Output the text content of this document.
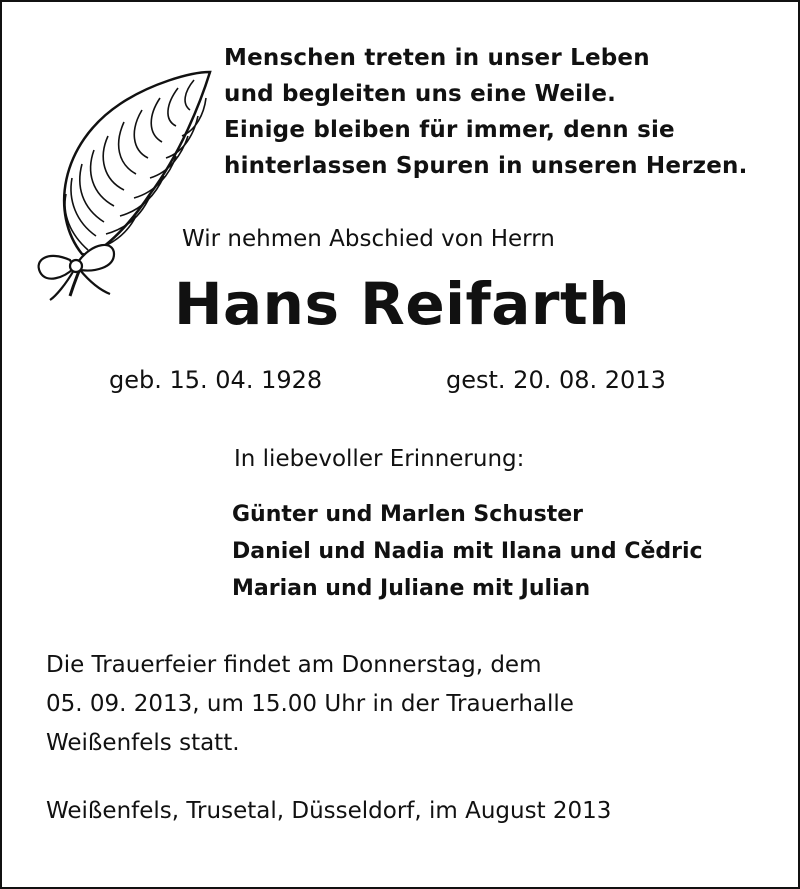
Menschen treten in unser Leben
und begleiten uns eine Weile.
Einige bleiben für immer, denn sie
hinterlassen Spuren in unseren Herzen.
Wir nehmen Abschied von Herrn
Hans Reifarth
geb. 15. 04. 1928	gest. 20. 08. 2013
In liebevoller Erinnerung:
Günter und Marlen Schuster
Daniel und Nadia mit Ilana und Cědric
Marian und Juliane mit Julian
Die Trauerfeier findet am Donnerstag, dem
05. 09. 2013, um 15.00 Uhr in der Trauerhalle
Weißenfels statt.
Weißenfels, Trusetal, Düsseldorf, im August 2013
